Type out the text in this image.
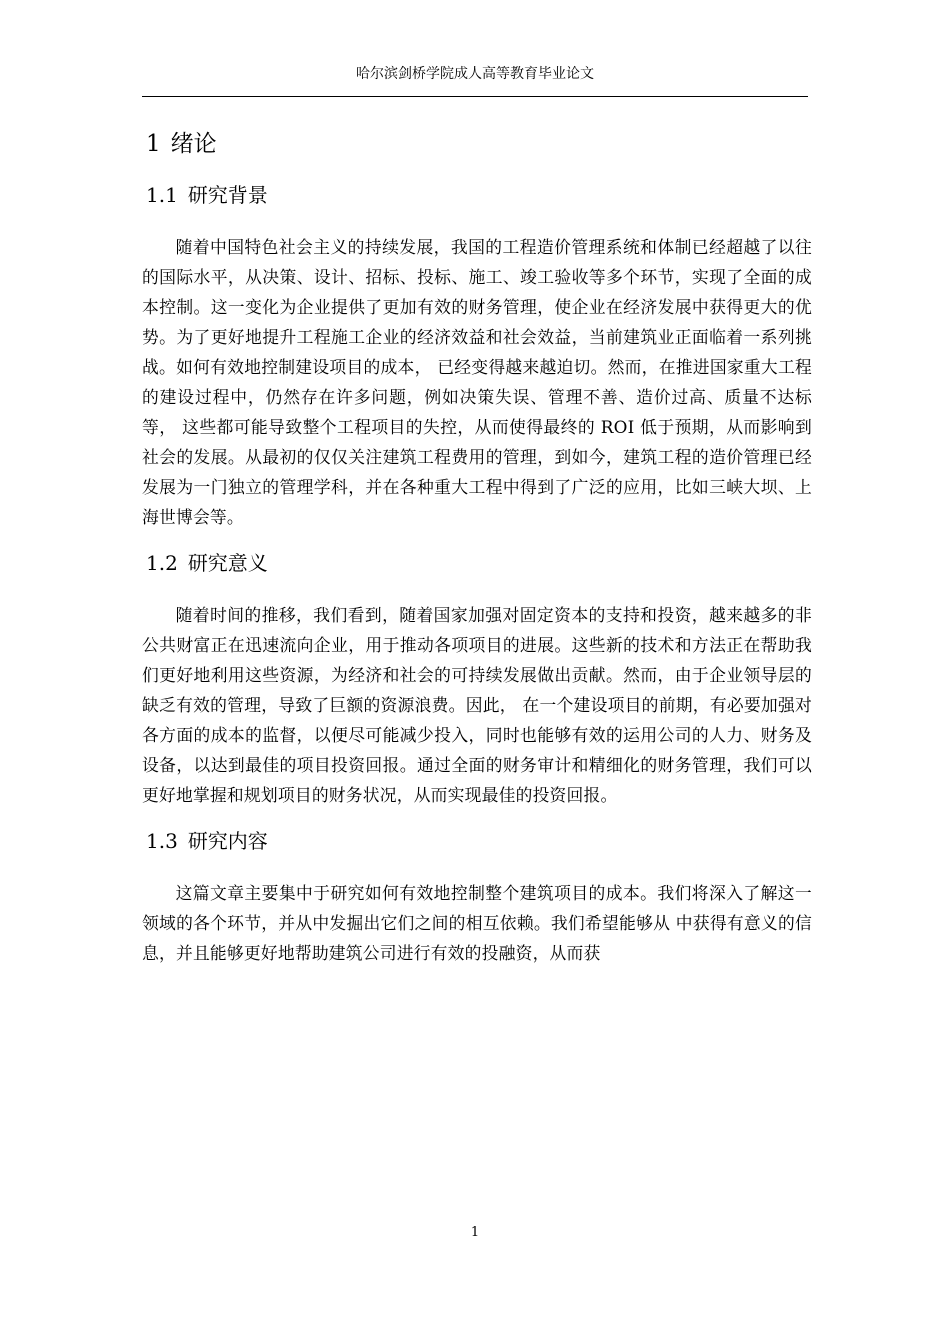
哈尔滨剑桥学院成人高等教育毕业论文
1 绪论
1.1 研究背景

随着中国特色社会主义的持续发展，我国的工程造价管理系统和体制已经超越了以往的国际水平，从决策、设计、招标、投标、施工、竣工验收等多个环节，实现了全面的成本控制。这一变化为企业提供了更加有效的财务管理，使企业在经济发展中获得更大的优势。为了更好地提升工程施工企业的经济效益和社会效益，当前建筑业正面临着一系列挑战。如何有效地控制建设项目的成本， 已经变得越来越迫切。然而，在推进国家重大工程的建设过程中，仍然存在许多问题，例如决策失误、管理不善、造价过高、质量不达标等， 这些都可能导致整个工程项目的失控，从而使得最终的 ROI 低于预期，从而影响到社会的发展。从最初的仅仅关注建筑工程费用的管理，到如今，建筑工程的造价管理已经发展为一门独立的管理学科，并在各种重大工程中得到了广泛的应用，比如三峡大坝、上海世博会等。

1.2 研究意义

随着时间的推移，我们看到，随着国家加强对固定资本的支持和投资，越来越多的非公共财富正在迅速流向企业，用于推动各项项目的进展。这些新的技术和方法正在帮助我们更好地利用这些资源，为经济和社会的可持续发展做出贡献。然而，由于企业领导层的缺乏有效的管理，导致了巨额的资源浪费。因此， 在一个建设项目的前期，有必要加强对各方面的成本的监督，以便尽可能减少投入，同时也能够有效的运用公司的人力、财务及设备，以达到最佳的项目投资回报。通过全面的财务审计和精细化的财务管理，我们可以更好地掌握和规划项目的财务状况，从而实现最佳的投资回报。

1.3 研究内容

这篇文章主要集中于研究如何有效地控制整个建筑项目的成本。我们将深入了解这一领域的各个环节，并从中发掘出它们之间的相互依赖。我们希望能够从 中获得有意义的信息，并且能够更好地帮助建筑公司进行有效的投融资，从而获

1
